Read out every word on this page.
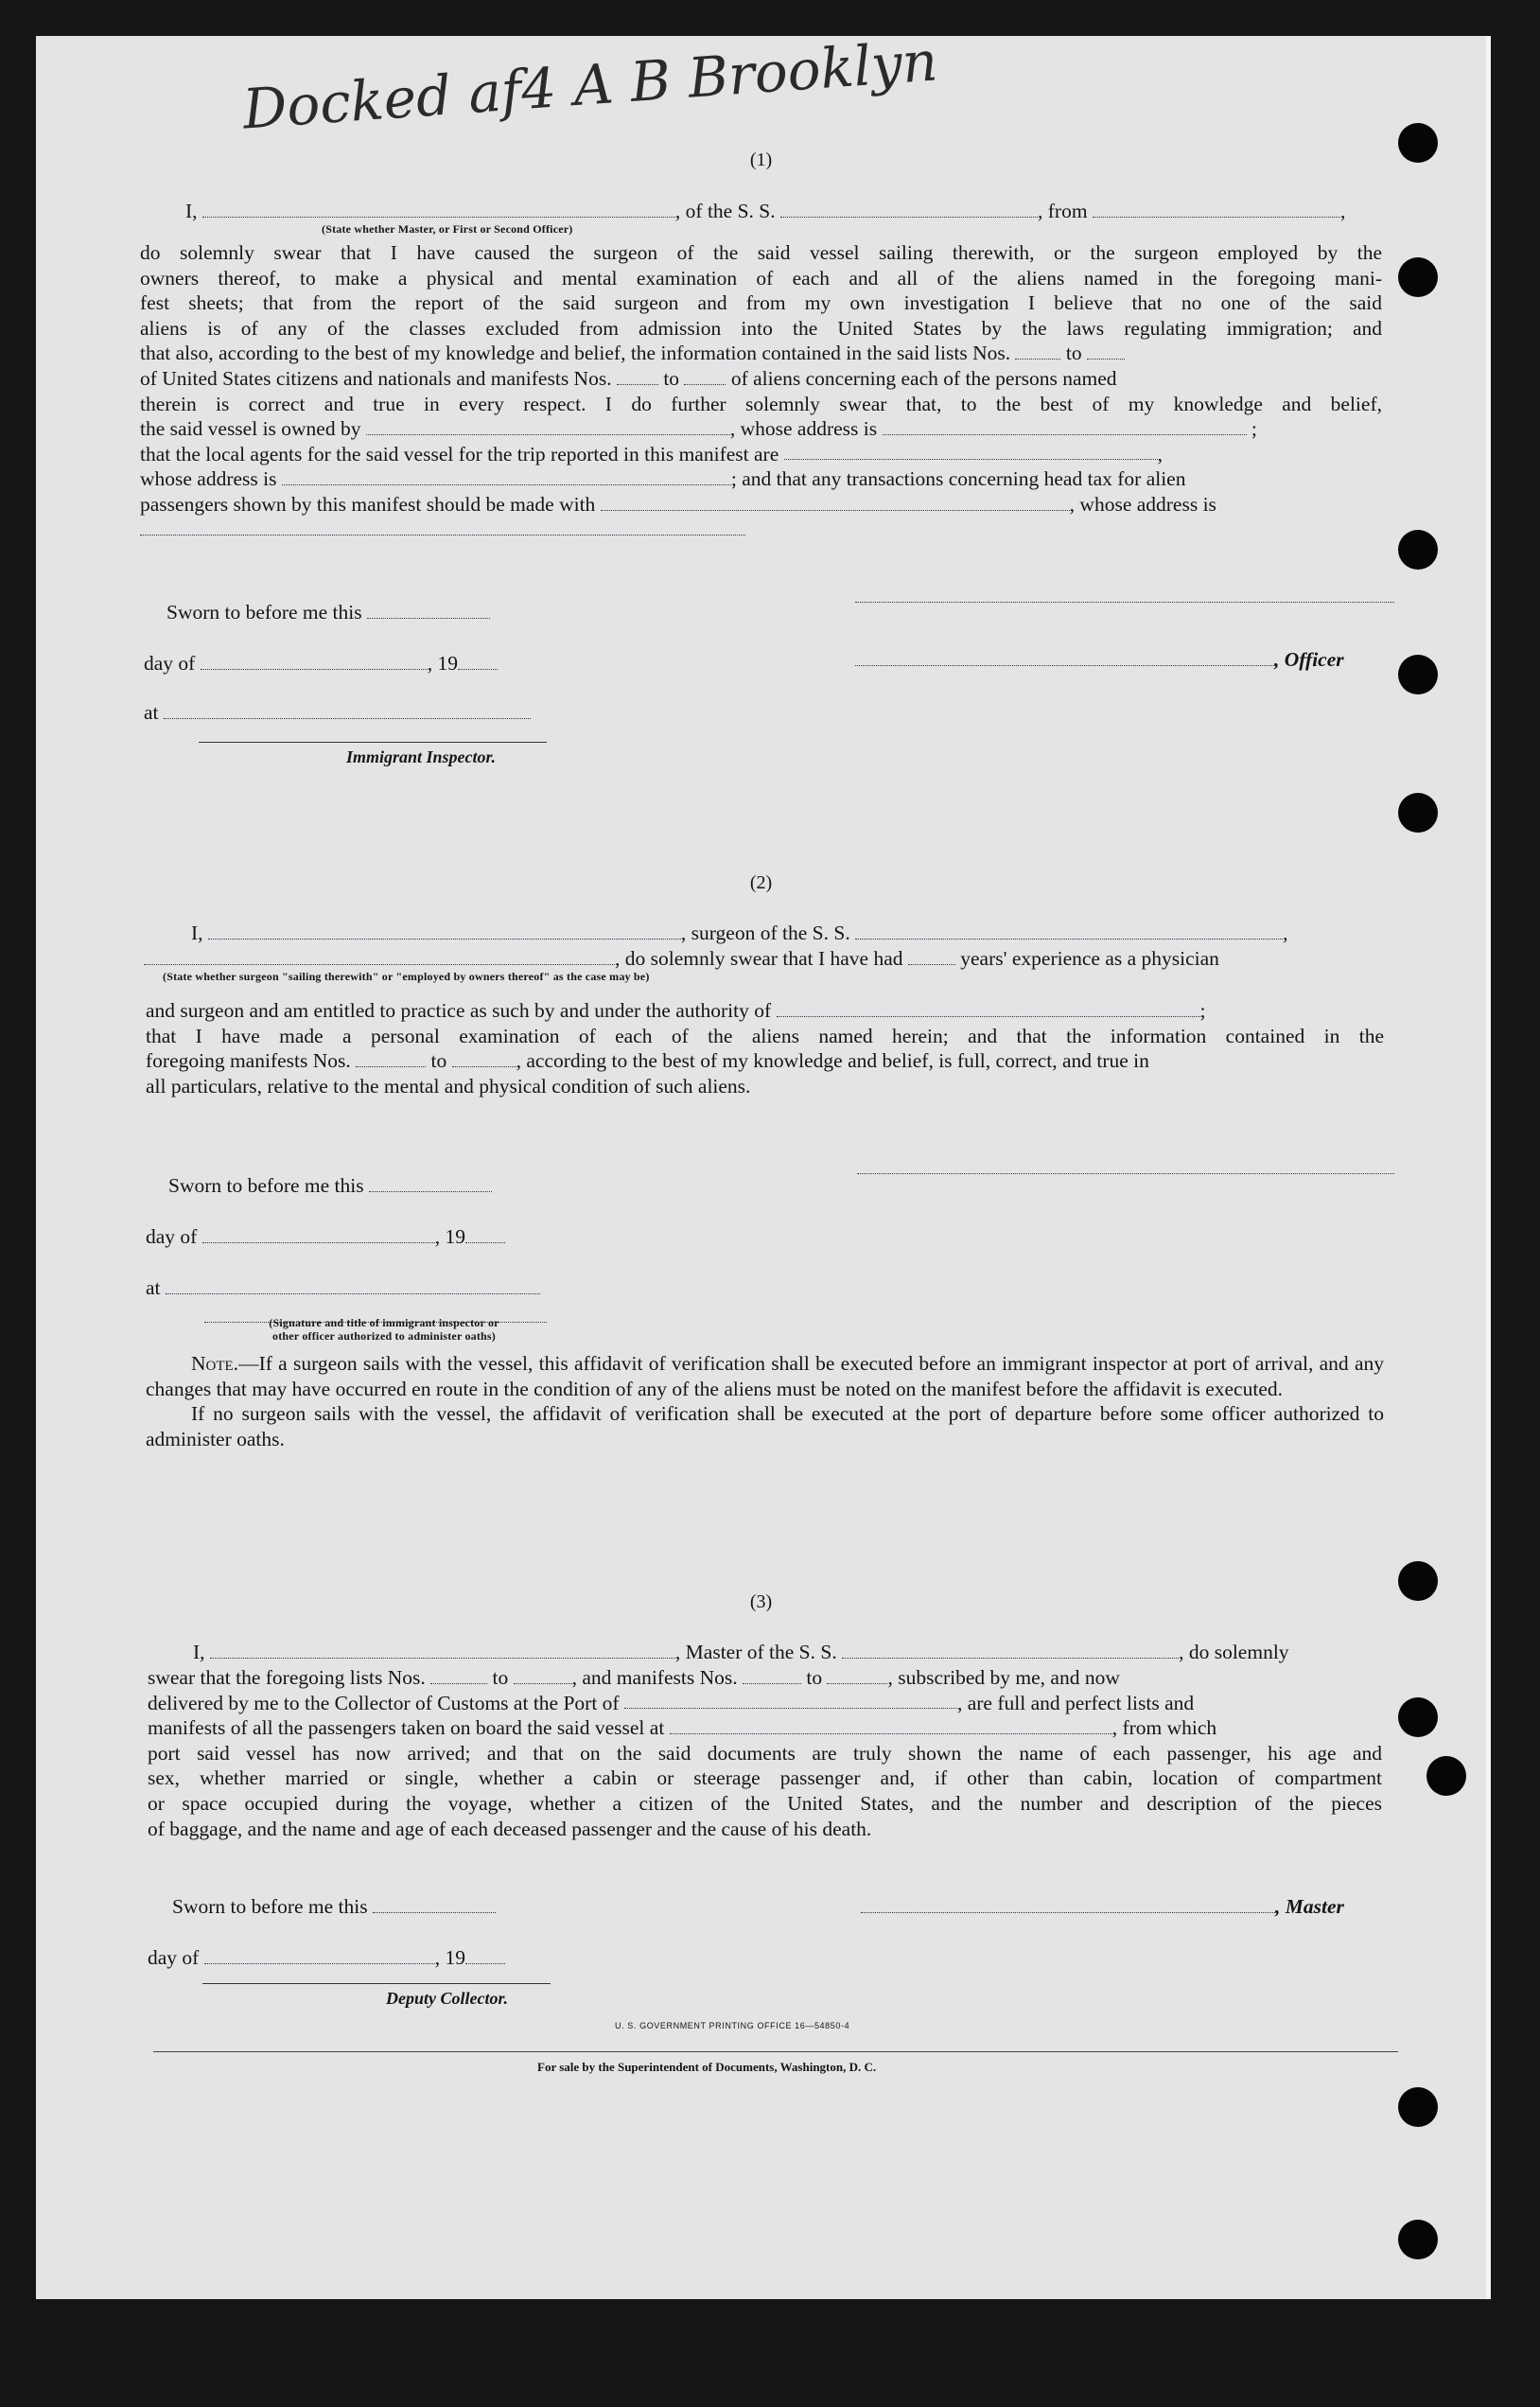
Docked af4 A B Brooklyn
(1)
I,	, of the S. S.	, from	,
(State whether Master, or First or Second Officer)
do solemnly swear that I have caused the surgeon of the said vessel sailing therewith, or the surgeon employed by the
owners thereof, to make a physical and mental examination of each and all of the aliens named in the foregoing mani-
fest sheets; that from the report of the said surgeon and from my own investigation I believe that no one of the said
aliens is of any of the classes excluded from admission into the United States by the laws regulating immigration; and
that also, according to the best of my knowledge and belief, the information contained in the said lists Nos.	to
of United States citizens and nationals and manifests Nos.	to	of aliens concerning each of the persons named
therein is correct and true in every respect. I do further solemnly swear that, to the best of my knowledge and belief,
the said vessel is owned by	, whose address is	;
that the local agents for the said vessel for the trip reported in this manifest are	,
whose address is	; and that any transactions concerning head tax for alien
passengers shown by this manifest should be made with	, whose address is
Sworn to before me this
day of	, 19
at
Immigrant Inspector.
, Officer
(2)
I,	, surgeon of the S. S.	,
, do solemnly swear that I have had	years' experience as a physician
(State whether surgeon "sailing therewith" or "employed by owners thereof" as the case may be)
and surgeon and am entitled to practice as such by and under the authority of	;
that I have made a personal examination of each of the aliens named herein; and that the information contained in the
foregoing manifests Nos.	to	, according to the best of my knowledge and belief, is full, correct, and true in
all particulars, relative to the mental and physical condition of such aliens.
Sworn to before me this
day of	, 19
at
(Signature and title of immigrant inspector or
other officer authorized to administer oaths)
Note.—If a surgeon sails with the vessel, this affidavit of verification shall be executed before an immigrant inspector at port of arrival, and any changes that may have occurred en route in the condition of any of the aliens must be noted on the manifest before the affidavit is executed.
If no surgeon sails with the vessel, the affidavit of verification shall be executed at the port of departure before some officer authorized to administer oaths.
(3)
I,	, Master of the S. S.	, do solemnly
swear that the foregoing lists Nos.	to	, and manifests Nos.	to	, subscribed by me, and now
delivered by me to the Collector of Customs at the Port of	, are full and perfect lists and
manifests of all the passengers taken on board the said vessel at	, from which
port said vessel has now arrived; and that on the said documents are truly shown the name of each passenger, his age and
sex, whether married or single, whether a cabin or steerage passenger and, if other than cabin, location of compartment
or space occupied during the voyage, whether a citizen of the United States, and the number and description of the pieces
of baggage, and the name and age of each deceased passenger and the cause of his death.
Sworn to before me this	, Master
day of	, 19
Deputy Collector.
U. S. GOVERNMENT PRINTING OFFICE 16—54850-4
For sale by the Superintendent of Documents, Washington, D. C.
